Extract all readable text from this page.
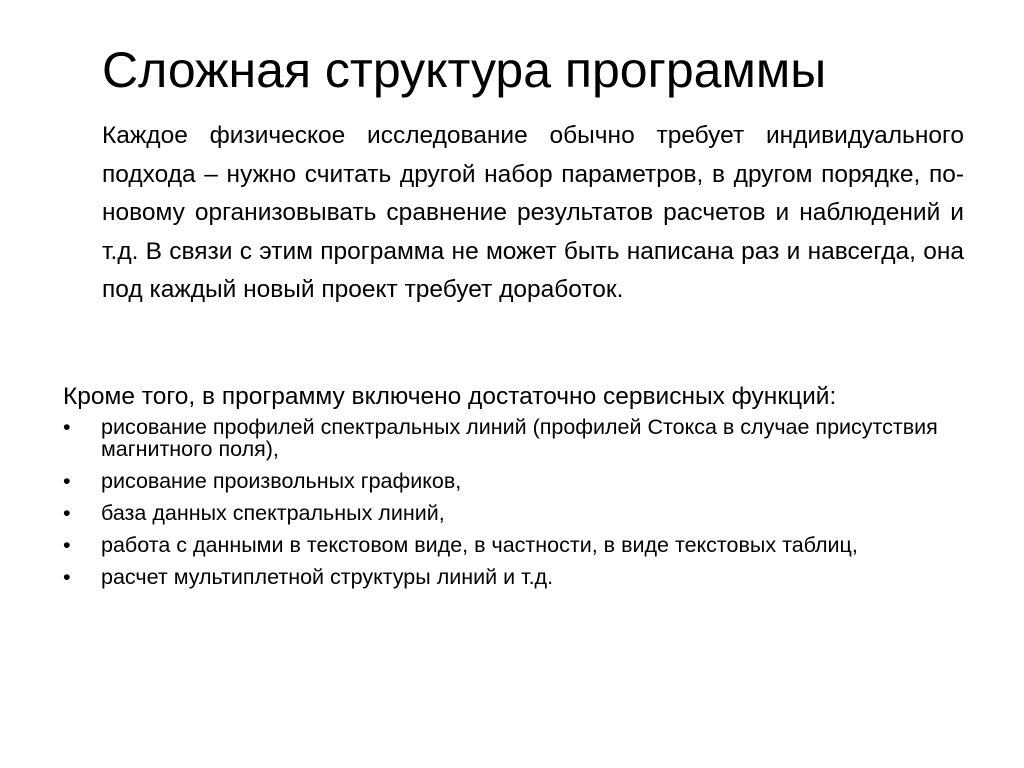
Сложная структура программы

Каждое физическое исследование обычно требует индивидуального подхода – нужно считать другой набор параметров, в другом порядке, по-новому организовывать сравнение результатов расчетов и наблюдений и т.д. В связи с этим программа не может быть написана раз и навсегда, она под каждый новый проект требует доработок.

Кроме того, в программу включено достаточно сервисных функций:

• рисование профилей спектральных линий (профилей Стокса в случае присутствия магнитного поля),
• рисование произвольных графиков,
• база данных спектральных линий,
• работа с данными в текстовом виде, в частности, в виде текстовых таблиц,
• расчет мультиплетной структуры линий и т.д.
